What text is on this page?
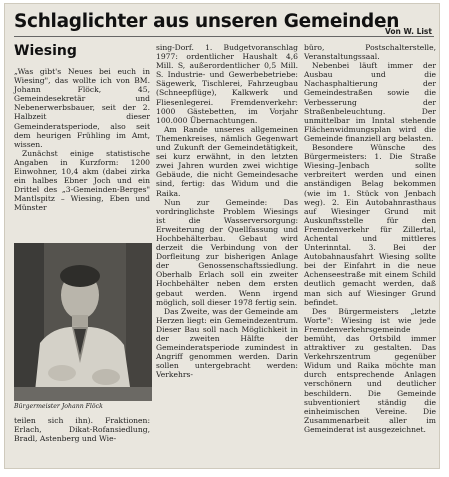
Schlaglichter aus unseren Gemeinden
Von W. List
Wiesing

„Was gibt's Neues bei euch in Wiesing", das wollte ich von BM. Johann Flöck, 45, Gemeindesekretär und Nebenerwerbsbauer, seit der 2. Halbzeit dieser Gemeinderatsperiode, also seit dem heurigen Frühling im Amt, wissen.

Zunächst einige statistische Angaben in Kurzform: 1200 Einwohner, 10,4 akm (dabei zirka ein halbes Ebner Joch und ein Drittel des „3-Gemeinden-Berges" Mantlspitz – Wiesing, Eben und Münster

Bürgermeister Johann Flöck

teilen sich ihn). Fraktionen: Erlach, Dikat-Rofansiedlung, Bradl, Astenberg und Wie-

sing-Dorf. 1. Budgetvoranschlag 1977: ordentlicher Haushalt 4,6 Mill. S, außerordentlicher 0,5 Mill. S. Industrie- und Gewerbebetriebe: Sägewerk, Tischlerei, Fahrzeugbau (Schneepflüge), Kalkwerk und Fliesenlegerei. Fremdenverkehr: 1000 Gästebetten, im Vorjahr 100.000 Übernachtungen.

Am Rande unseres allgemeinen Themenkreises, nämlich Gegenwart und Zukunft der Gemeindetätigkeit, sei kurz erwähnt, in den letzten zwei Jahren wurden zwei wichtige Gebäude, die nicht Gemeindesache sind, fertig: das Widum und die Raika.

Nun zur Gemeinde: Das vordringlichste Problem Wiesings ist die Wasserversorgung: Erweiterung der Quellfassung und Hochbehälterbau. Gebaut wird derzeit die Verbindung von der Dorfleitung zur bisherigen Anlage der Genossenschaftssiedlung. Oberhalb Erlach soll ein zweiter Hochbehälter neben dem ersten gebaut werden. Wenn irgend möglich, soll dieser 1978 fertig sein.

Das Zweite, was der Gemeinde am Herzen liegt: ein Gemeindezentrum. Dieser Bau soll nach Möglichkeit in der zweiten Hälfte der Gemeinderatsperiode zumindest in Angriff genommen werden. Darin sollen untergebracht werden: Verkehrs-

büro, Postschalterstelle, Veranstaltungssaal.

Nebenbei läuft immer der Ausbau und die Nachasphaltierung der Gemeindestraßen sowie die Verbesserung der Straßenbeleuchtung. Der unmittelbar im Inntal stehende Flächenwidmungsplan wird die Gemeinde finanziell arg belasten.

Besondere Wünsche des Bürgermeisters: 1. Die Straße Wiesing–Jenbach sollte verbreitert werden und einen anständigen Belag bekommen (wie im 1. Stück von Jenbach weg). 2. Ein Autobahnrasthaus auf Wiesinger Grund mit Auskunftsstelle für den Fremdenverkehr für Zillertal, Achental und mittleres Unterinntal. 3. Bei der Autobahnausfahrt Wiesing sollte bei der Einfahrt in die neue Achenseestraße mit einem Schild deutlich gemacht werden, daß man sich auf Wiesinger Grund befindet.

Des Bürgermeisters „letzte Worte": Wiesing ist wie jede Fremdenverkehrsgemeinde bemüht, das Ortsbild immer attraktiver zu gestalten. Das Verkehrszentrum gegenüber Widum und Raika möchte man durch entsprechende Anlagen verschönern und deutlicher beschildern. Die Gemeinde subventioniert ständig die einheimischen Vereine. Die Zusammenarbeit aller im Gemeinderat ist ausgezeichnet.
